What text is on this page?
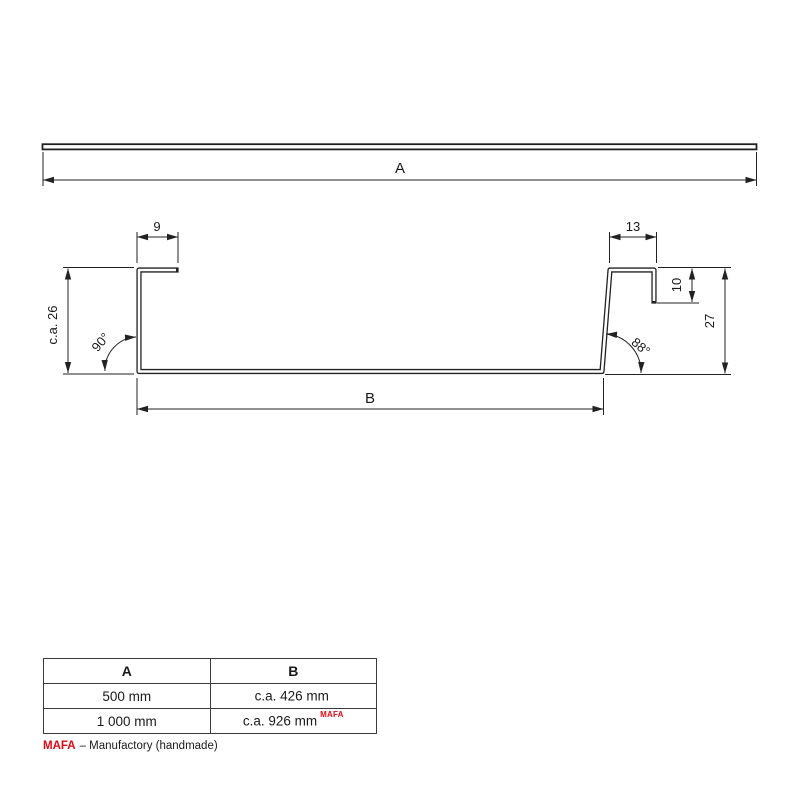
A
9	13
c.a. 26
10
27
B
90°	88°
A	B
500 mm	c.a. 426 mm
1 000 mm	c.a. 926 mm $^{MAFA}$
MAFA – Manufactory (handmade)
